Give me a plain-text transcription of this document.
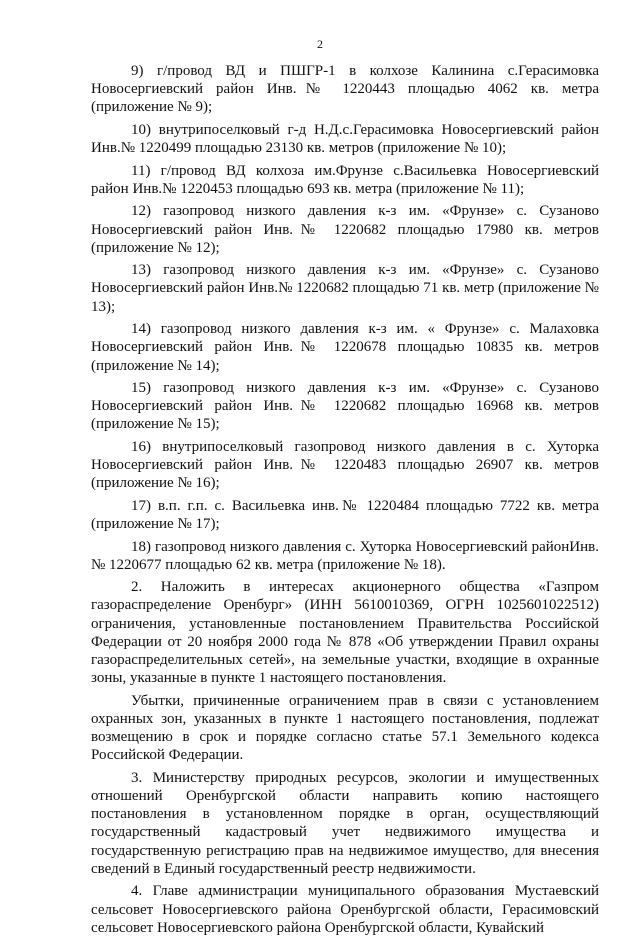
2

9) г/провод ВД и ПШГР-1 в колхозе Калинина с.Герасимовка Новосергиевский район Инв.№ 1220443 площадью 4062 кв. метра (приложение № 9);

10) внутрипоселковый г-д Н.Д.с.Герасимовка Новосергиевский район Инв.№ 1220499 площадью 23130 кв. метров (приложение № 10);

11) г/провод ВД колхоза им.Фрунзе с.Васильевка Новосергиевский район Инв.№ 1220453 площадью 693 кв. метра (приложение № 11);

12) газопровод низкого давления к-з им. «Фрунзе» с. Сузаново Новосергиевский район Инв.№ 1220682 площадью 17980 кв. метров (приложение № 12);

13) газопровод низкого давления к-з им. «Фрунзе» с. Сузаново Новосергиевский район Инв.№ 1220682 площадью 71 кв. метр (приложение № 13);

14) газопровод низкого давления к-з им. « Фрунзе» с. Малаховка Новосергиевский район Инв.№ 1220678 площадью 10835 кв. метров (приложение № 14);

15) газопровод низкого давления к-з им. «Фрунзе» с. Сузаново Новосергиевский район Инв.№ 1220682 площадью 16968 кв. метров (приложение № 15);

16) внутрипоселковый газопровод низкого давления в с. Хуторка Новосергиевский район Инв.№ 1220483 площадью 26907 кв. метров (приложение № 16);

17) в.п. г.п. с. Васильевка инв.№ 1220484 площадью 7722 кв. метра (приложение № 17);

18) газопровод низкого давления с. Хуторка Новосергиевский районИнв.№ 1220677 площадью 62 кв. метра (приложение № 18).

2. Наложить в интересах акционерного общества «Газпром газораспределение Оренбург» (ИНН 5610010369, ОГРН 1025601022512) ограничения, установленные постановлением Правительства Российской Федерации от 20 ноября 2000 года № 878 «Об утверждении Правил охраны газораспределительных сетей», на земельные участки, входящие в охранные зоны, указанные в пункте 1 настоящего постановления.

Убытки, причиненные ограничением прав в связи с установлением охранных зон, указанных в пункте 1 настоящего постановления, подлежат возмещению в срок и порядке согласно статье 57.1 Земельного кодекса Российской Федерации.

3. Министерству природных ресурсов, экологии и имущественных отношений Оренбургской области направить копию настоящего постановления в установленном порядке в орган, осуществляющий государственный кадастровый учет недвижимого имущества и государственную регистрацию прав на недвижимое имущество, для внесения сведений в Единый государственный реестр недвижимости.

4. Главе администрации муниципального образования Мустаевский сельсовет Новосергиевского района Оренбургской области, Герасимовский сельсовет Новосергиевского района Оренбургской области, Кувайский
